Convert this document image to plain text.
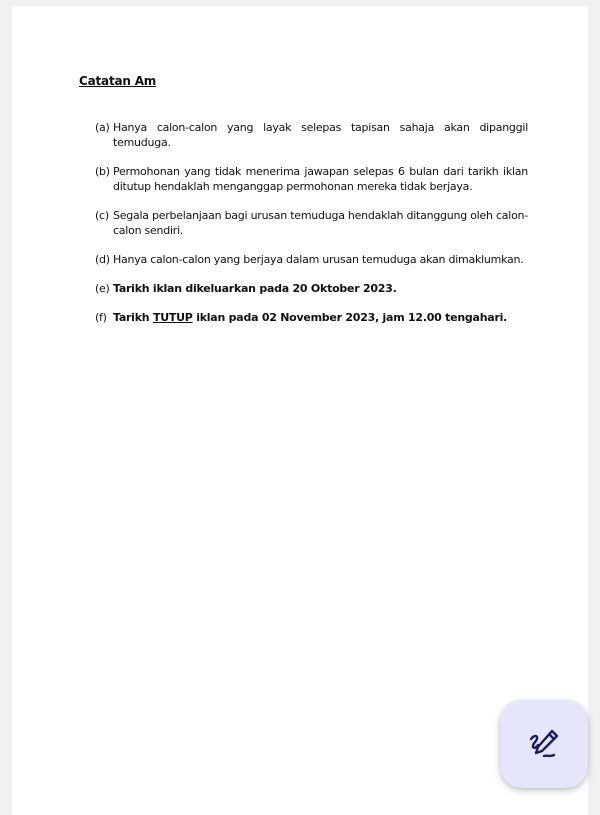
Catatan Am
(a) Hanya calon-calon yang layak selepas tapisan sahaja akan dipanggil temuduga.
(b) Permohonan yang tidak menerima jawapan selepas 6 bulan dari tarikh iklan ditutup hendaklah menganggap permohonan mereka tidak berjaya.
(c) Segala perbelanjaan bagi urusan temuduga hendaklah ditanggung oleh calon-calon sendiri.
(d) Hanya calon-calon yang berjaya dalam urusan temuduga akan dimaklumkan.
(e) Tarikh iklan dikeluarkan pada 20 Oktober 2023.
(f) Tarikh TUTUP iklan pada 02 November 2023, jam 12.00 tengahari.
